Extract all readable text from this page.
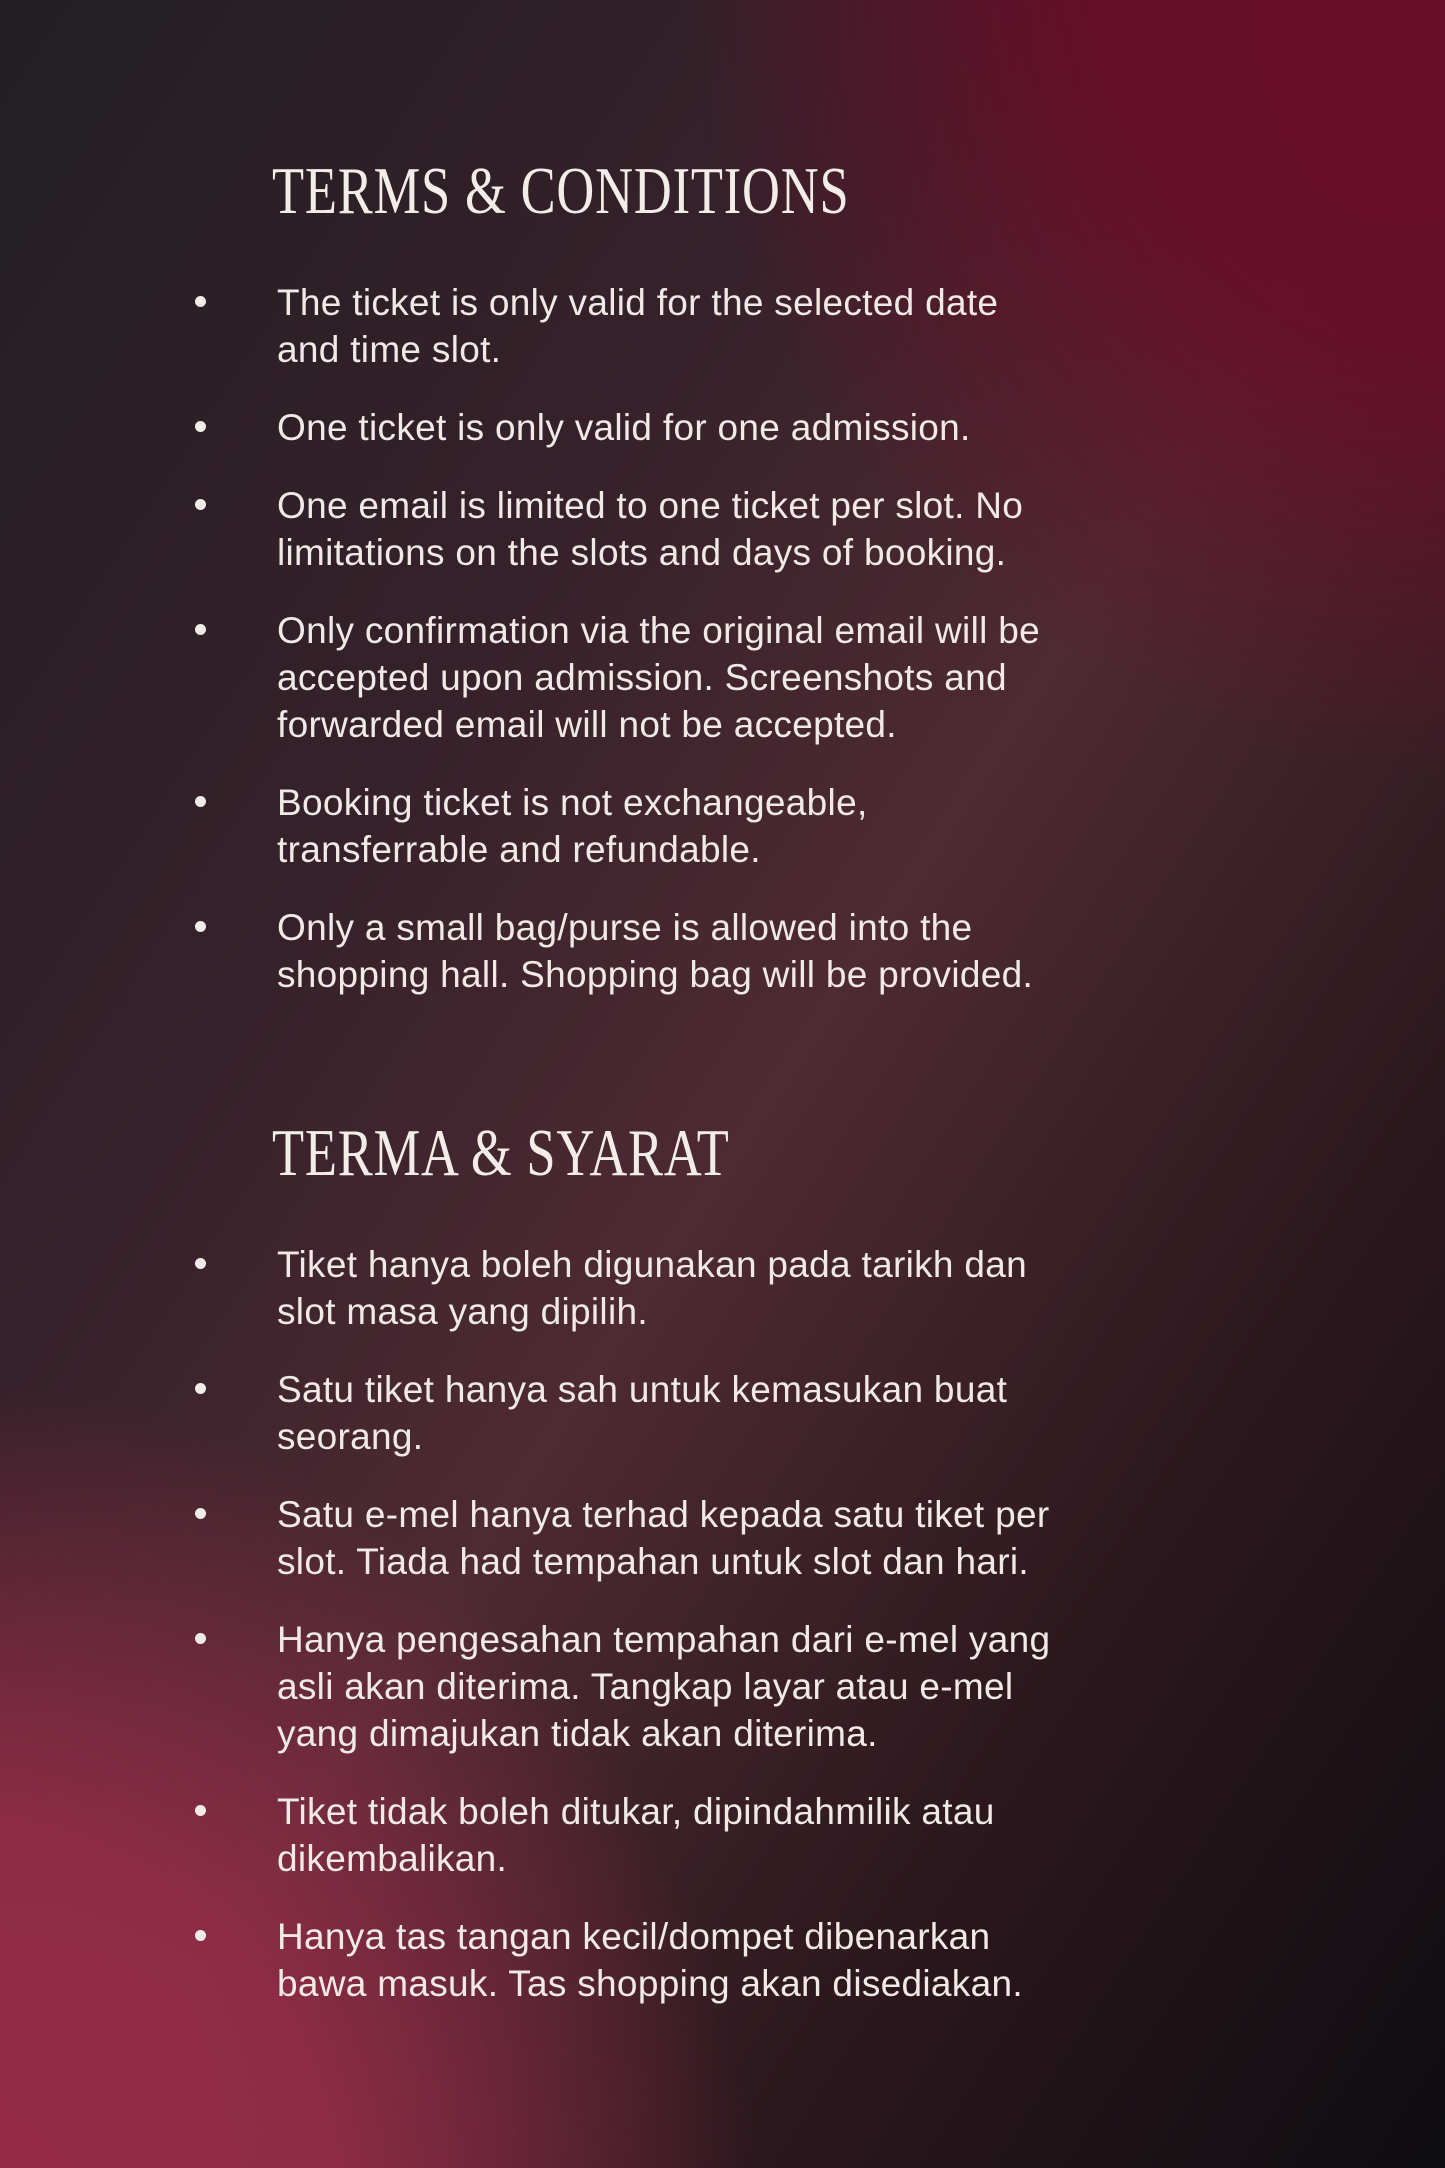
TERMS & CONDITIONS
The ticket is only valid for the selected date
and time slot.
One ticket is only valid for one admission.
One email is limited to one ticket per slot. No
limitations on the slots and days of booking.
Only confirmation via the original email will be
accepted upon admission. Screenshots and
forwarded email will not be accepted.
Booking ticket is not exchangeable,
transferrable and refundable.
Only a small bag/purse is allowed into the
shopping hall. Shopping bag will be provided.
TERMA & SYARAT
Tiket hanya boleh digunakan pada tarikh dan
slot masa yang dipilih.
Satu tiket hanya sah untuk kemasukan buat
seorang.
Satu e-mel hanya terhad kepada satu tiket per
slot. Tiada had tempahan untuk slot dan hari.
Hanya pengesahan tempahan dari e-mel yang
asli akan diterima. Tangkap layar atau e-mel
yang dimajukan tidak akan diterima.
Tiket tidak boleh ditukar, dipindahmilik atau
dikembalikan.
Hanya tas tangan kecil/dompet dibenarkan
bawa masuk. Tas shopping akan disediakan.
